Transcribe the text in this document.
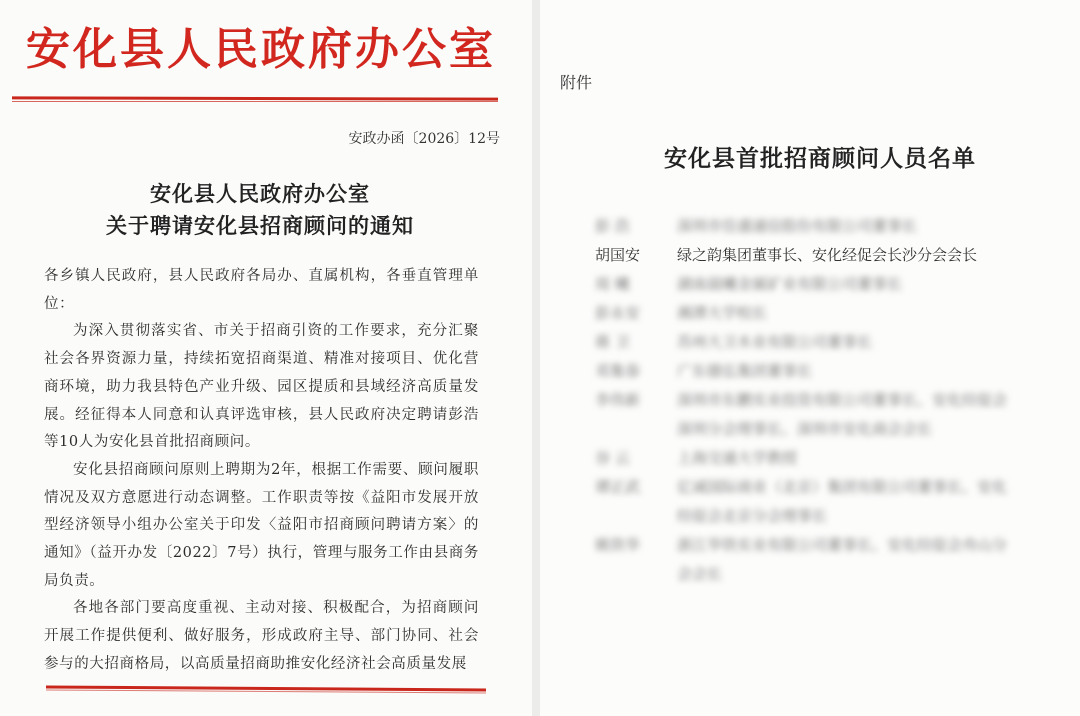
安化县人民政府办公室
安政办函〔2026〕12号
安化县人民政府办公室
关于聘请安化县招商顾问的通知

各乡镇人民政府，县人民政府各局办、直属机构，各垂直管理单位：

为深入贯彻落实省、市关于招商引资的工作要求，充分汇聚社会各界资源力量，持续拓宽招商渠道、精准对接项目、优化营商环境，助力我县特色产业升级、园区提质和县域经济高质量发展。经征得本人同意和认真评选审核，县人民政府决定聘请彭浩等10人为安化县首批招商顾问。

安化县招商顾问原则上聘期为2年，根据工作需要、顾问履职情况及双方意愿进行动态调整。工作职责等按《益阳市发展开放型经济领导小组办公室关于印发〈益阳市招商顾问聘请方案〉的通知》（益开办发〔2022〕7号）执行，管理与服务工作由县商务局负责。

各地各部门要高度重视、主动对接、积极配合，为招商顾问开展工作提供便利、做好服务，形成政府主导、部门协同、社会参与的大招商格局，以高质量招商助推安化经济社会高质量发展

附件
安化县首批招商顾问人员名单
彭 浩	深圳市佳盛通信股份有限公司董事长
胡国安	绿之韵集团董事长、安化经促会长沙分会会长
周 曦	湖南晨曦金属矿业有限公司董事长
彭永安	湘潭大学校长
蒋 卫	苏州大卫木业有限公司董事长
邓集春	广东德弘集团董事长
李伟新	深圳市东鹏实业投资有限公司董事长、安化经促会
深圳分会理事长、深圳市安化商会会长
谷 云	上海交通大学教授
谭正武	亿诚国际商业（北京）集团有限公司董事长、安化
经促会北京分会理事长
姚铁华	浙江华铁实业有限公司董事长、安化经促会舟山分
会会长
